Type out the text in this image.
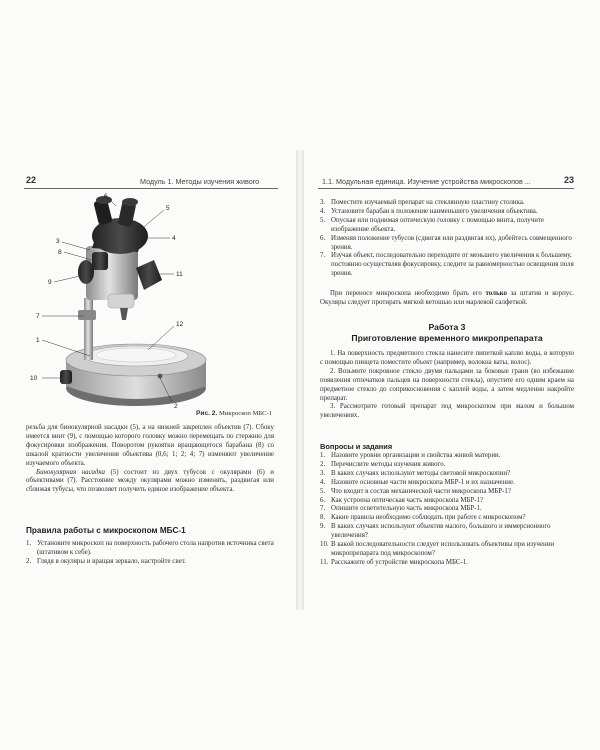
22	Модуль 1. Методы изучения живого
6
5
3	4
8
9
11
7
12
1
2
10
Рис. 2. Микроскоп МБС-1

резьба для бинокулярной насадки (5), а на нижней закреплен объектив (7). Сбоку имеется винт (9), с помощью которого головку можно перемещать по стержню для фокусировки изображения. Поворотом рукоятки вращающегося барабана (8) со шкалой кратности увеличения объектива (0,6; 1; 2; 4; 7) изменяют увеличение изучаемого объекта.

Бинокулярная насадка (5) состоит из двух тубусов с окулярами (6) и объективами (7). Расстояние между окулярами можно изменять, раздвигая или сближая тубусы, что позволяет получить единое изображение объекта.

Правила работы с микроскопом МБС-1
1. Установите микроскоп на поверхность рабочего стола напротив источника света (штативом к себе).
2. Глядя в окуляры и вращая зеркало, настройте свет.
1.1. Модульная единица. Изучение устройства микроскопов ...	23
3. Поместите изучаемый препарат на стеклянную пластину столика.
4. Установите барабан в положение наименьшего увеличения объектива.
5. Опуская или поднимая оптическую головку с помощью винта, получите изображение объекта.
6. Изменяя положение тубусов (сдвигая или раздвигая их), добейтесь совмещенного зрения.
7. Изучая объект, последовательно переходите от меньшего увеличения к большему, постоянно осуществляя фокусировку, следите за равномерностью освещения поля зрения.

При переносе микроскопа необходимо брать его только за штатив и корпус. Окуляры следует протирать мягкой ветошью или марлевой салфеткой.

Работа 3
Приготовление временного микропрепарата

1. На поверхность предметного стекла нанесите пипеткой каплю воды, в которую с помощью пинцета поместите объект (например, волокна ваты, волос).

2. Возьмите покровное стекло двумя пальцами за боковые грани (во избежание появления отпечатков пальцев на поверхности стекла), опустите его одним краем на предметное стекло до соприкосновения с каплей воды, а затем медленно накройте препарат.

3. Рассмотрите готовый препарат под микроскопом при малом и большом увеличениях.

Вопросы и задания
1. Назовите уровни организации и свойства живой материи.
2. Перечислите методы изучения живого.
3. В каких случаях используют методы световой микроскопии?
4. Назовите основные части микроскопа МБР-1 и их назначение.
5. Что входит в состав механической части микроскопа МБР-1?
6. Как устроена оптическая часть микроскопа МБР-1?
7. Опишите осветительную часть микроскопа МБР-1.
8. Какие правила необходимо соблюдать при работе с микроскопом?
9. В каких случаях используют объектив малого, большого и иммерсионного увеличения?
10. В какой последовательности следует использовать объективы при изучении микропрепарата под микроскопом?
11. Расскажите об устройстве микроскопа МБС-1.
